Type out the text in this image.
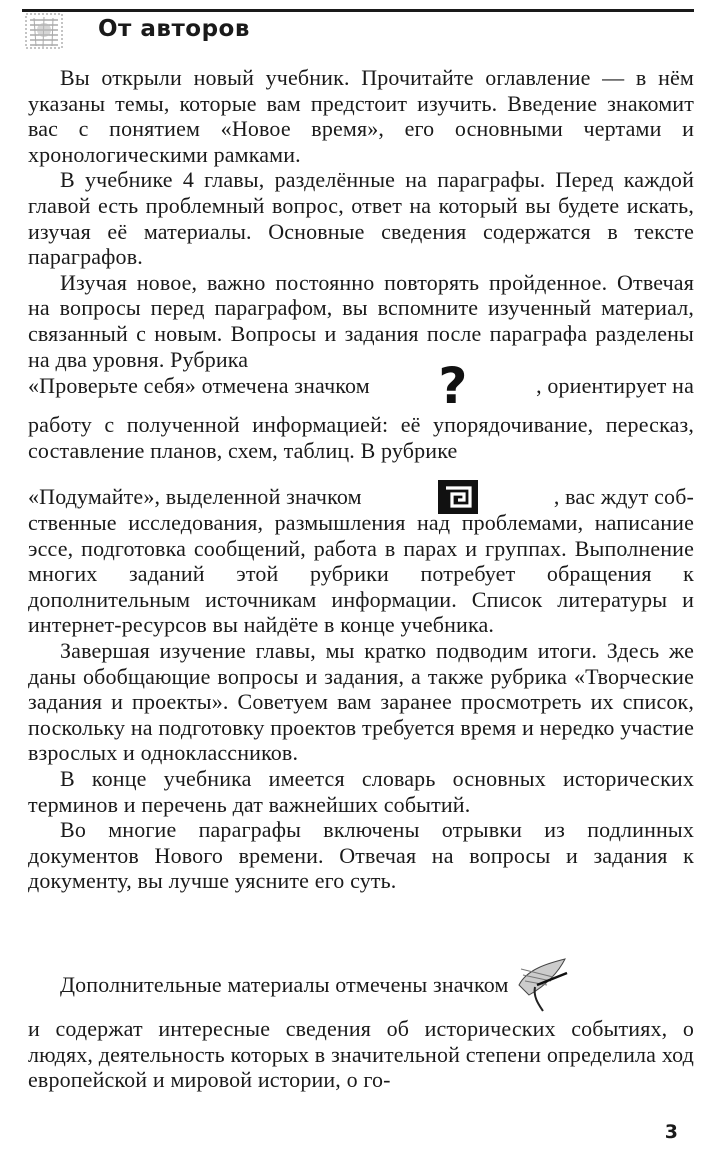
От авторов

Вы открыли новый учебник. Прочитайте оглавление — в нём указаны темы, которые вам предстоит изучить. Введение знакомит вас с понятием «Новое время», его основными чертами и хронологическими рамками.

В учебнике 4 главы, разделённые на параграфы. Перед каждой главой есть проблемный вопрос, ответ на который вы будете искать, изучая её материалы. Основные сведения содержатся в тексте параграфов.

Изучая новое, важно постоянно повторять пройденное. Отвечая на вопросы перед параграфом, вы вспомните изученный материал, связанный с новым. Вопросы и задания после параграфа разделены на два уровня. Рубрика

«Проверьте себя» отмечена значком ?	, ориентирует на

работу с полученной информацией: её упорядочивание, пересказ, составление планов, схем, таблиц. В рубрике

«Подумайте», выделенной значком	, вас ждут соб-

ственные исследования, размышления над проблемами, написание эссе, подготовка сообщений, работа в парах и группах. Выполнение многих заданий этой рубрики потребует обращения к дополнительным источникам информации. Список литературы и интернет-ресурсов вы найдёте в конце учебника.

Завершая изучение главы, мы кратко подводим итоги. Здесь же даны обобщающие вопросы и задания, а также рубрика «Творческие задания и проекты». Советуем вам заранее просмотреть их список, поскольку на подготовку проектов требуется время и нередко участие взрослых и одноклассников.

В конце учебника имеется словарь основных исторических терминов и перечень дат важнейших событий.

Во многие параграфы включены отрывки из подлинных документов Нового времени. Отвечая на вопросы и задания к документу, вы лучше уясните его суть.

Дополнительные материалы отмечены значком

и содержат интересные сведения об исторических событиях, о людях, деятельность которых в значительной степени определила ход европейской и мировой истории, о го-

3
